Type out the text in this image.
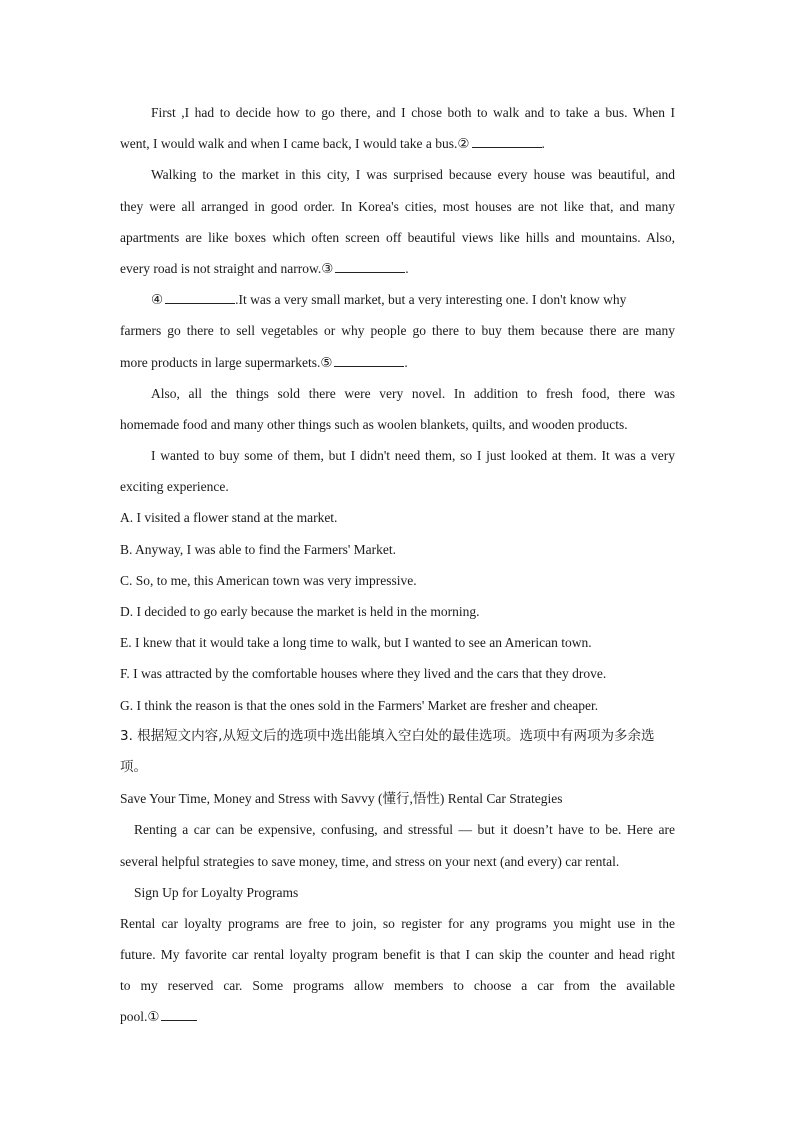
First ,I had to decide how to go there, and I chose both to walk and to take a bus. When I
went, I would walk and when I came back, I would take a bus.②	.
Walking to the market in this city, I was surprised because every house was beautiful, and
they were all arranged in good order. In Korea's cities, most houses are not like that, and many
apartments are like boxes which often screen off beautiful views like hills and mountains. Also,
every road is not straight and narrow.③	.
④	.It was a very small market, but a very interesting one. I don't know why
farmers go there to sell vegetables or why people go there to buy them because there are many
more products in large supermarkets.⑤	.
Also, all the things sold there were very novel. In addition to fresh food, there was
homemade food and many other things such as woolen blankets, quilts, and wooden products.
I wanted to buy some of them, but I didn't need them, so I just looked at them. It was a very
exciting experience.
A. I visited a flower stand at the market.
B. Anyway, I was able to find the Farmers' Market.
C. So, to me, this American town was very impressive.
D. I decided to go early because the market is held in the morning.
E. I knew that it would take a long time to walk, but I wanted to see an American town.
F. I was attracted by the comfortable houses where they lived and the cars that they drove.
G. I think the reason is that the ones sold in the Farmers' Market are fresher and cheaper.
3. 根据短文内容,从短文后的选项中选出能填入空白处的最佳选项。选项中有两项为多余选
项。
Save Your Time, Money and Stress with Savvy (懂行,悟性) Rental Car Strategies
Renting a car can be expensive, confusing, and stressful — but it doesn’t have to be. Here are
several helpful strategies to save money, time, and stress on your next (and every) car rental.
Sign Up for Loyalty Programs
Rental car loyalty programs are free to join, so register for any programs you might use in the
future. My favorite car rental loyalty program benefit is that I can skip the counter and head right
to my reserved car. Some programs allow members to choose a car from the available
pool.①
